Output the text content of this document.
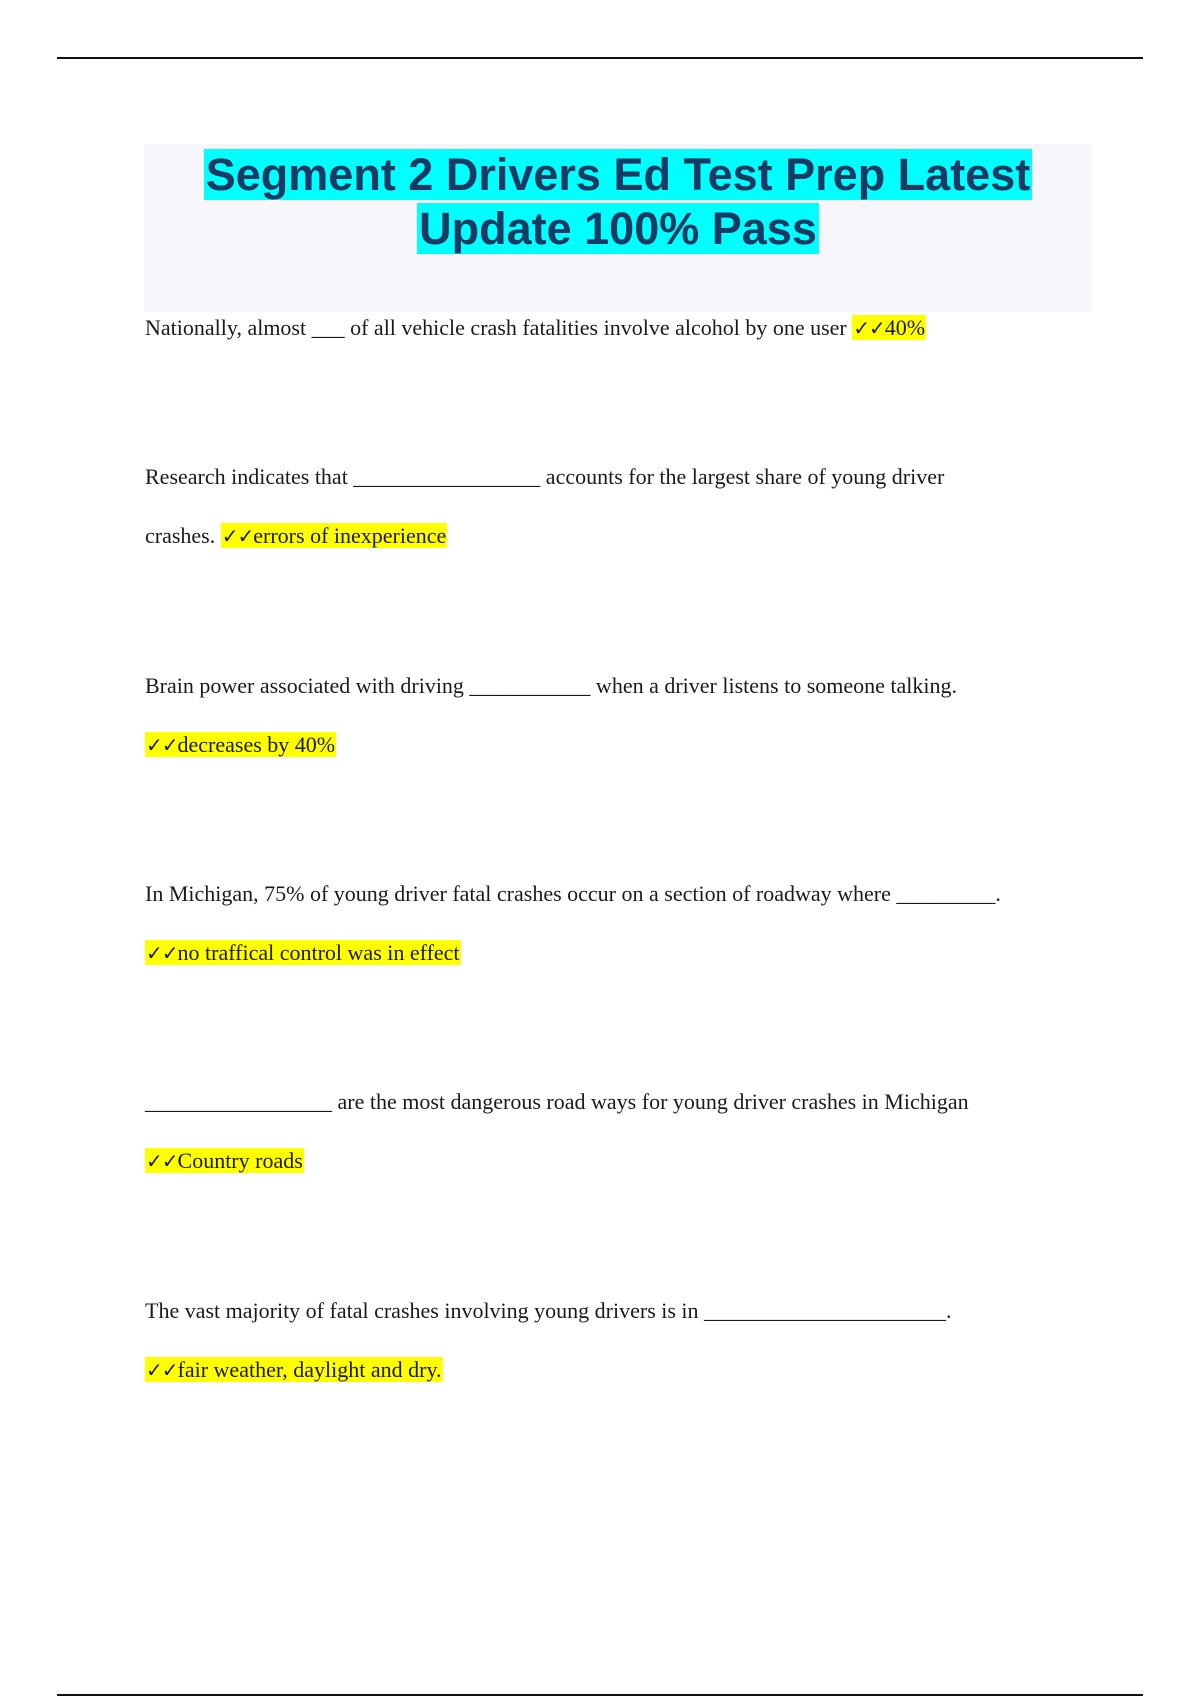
Segment 2 Drivers Ed Test Prep Latest Update 100% Pass

Nationally, almost ___ of all vehicle crash fatalities involve alcohol by one user ✓✓40%

Research indicates that _________________ accounts for the largest share of young driver
crashes. ✓✓errors of inexperience
Brain power associated with driving ___________ when a driver listens to someone talking.
✓✓decreases by 40%
In Michigan, 75% of young driver fatal crashes occur on a section of roadway where _________.
✓✓no traffical control was in effect
_________________ are the most dangerous road ways for young driver crashes in Michigan
✓✓Country roads
The vast majority of fatal crashes involving young drivers is in ______________________.
✓✓fair weather, daylight and dry.
